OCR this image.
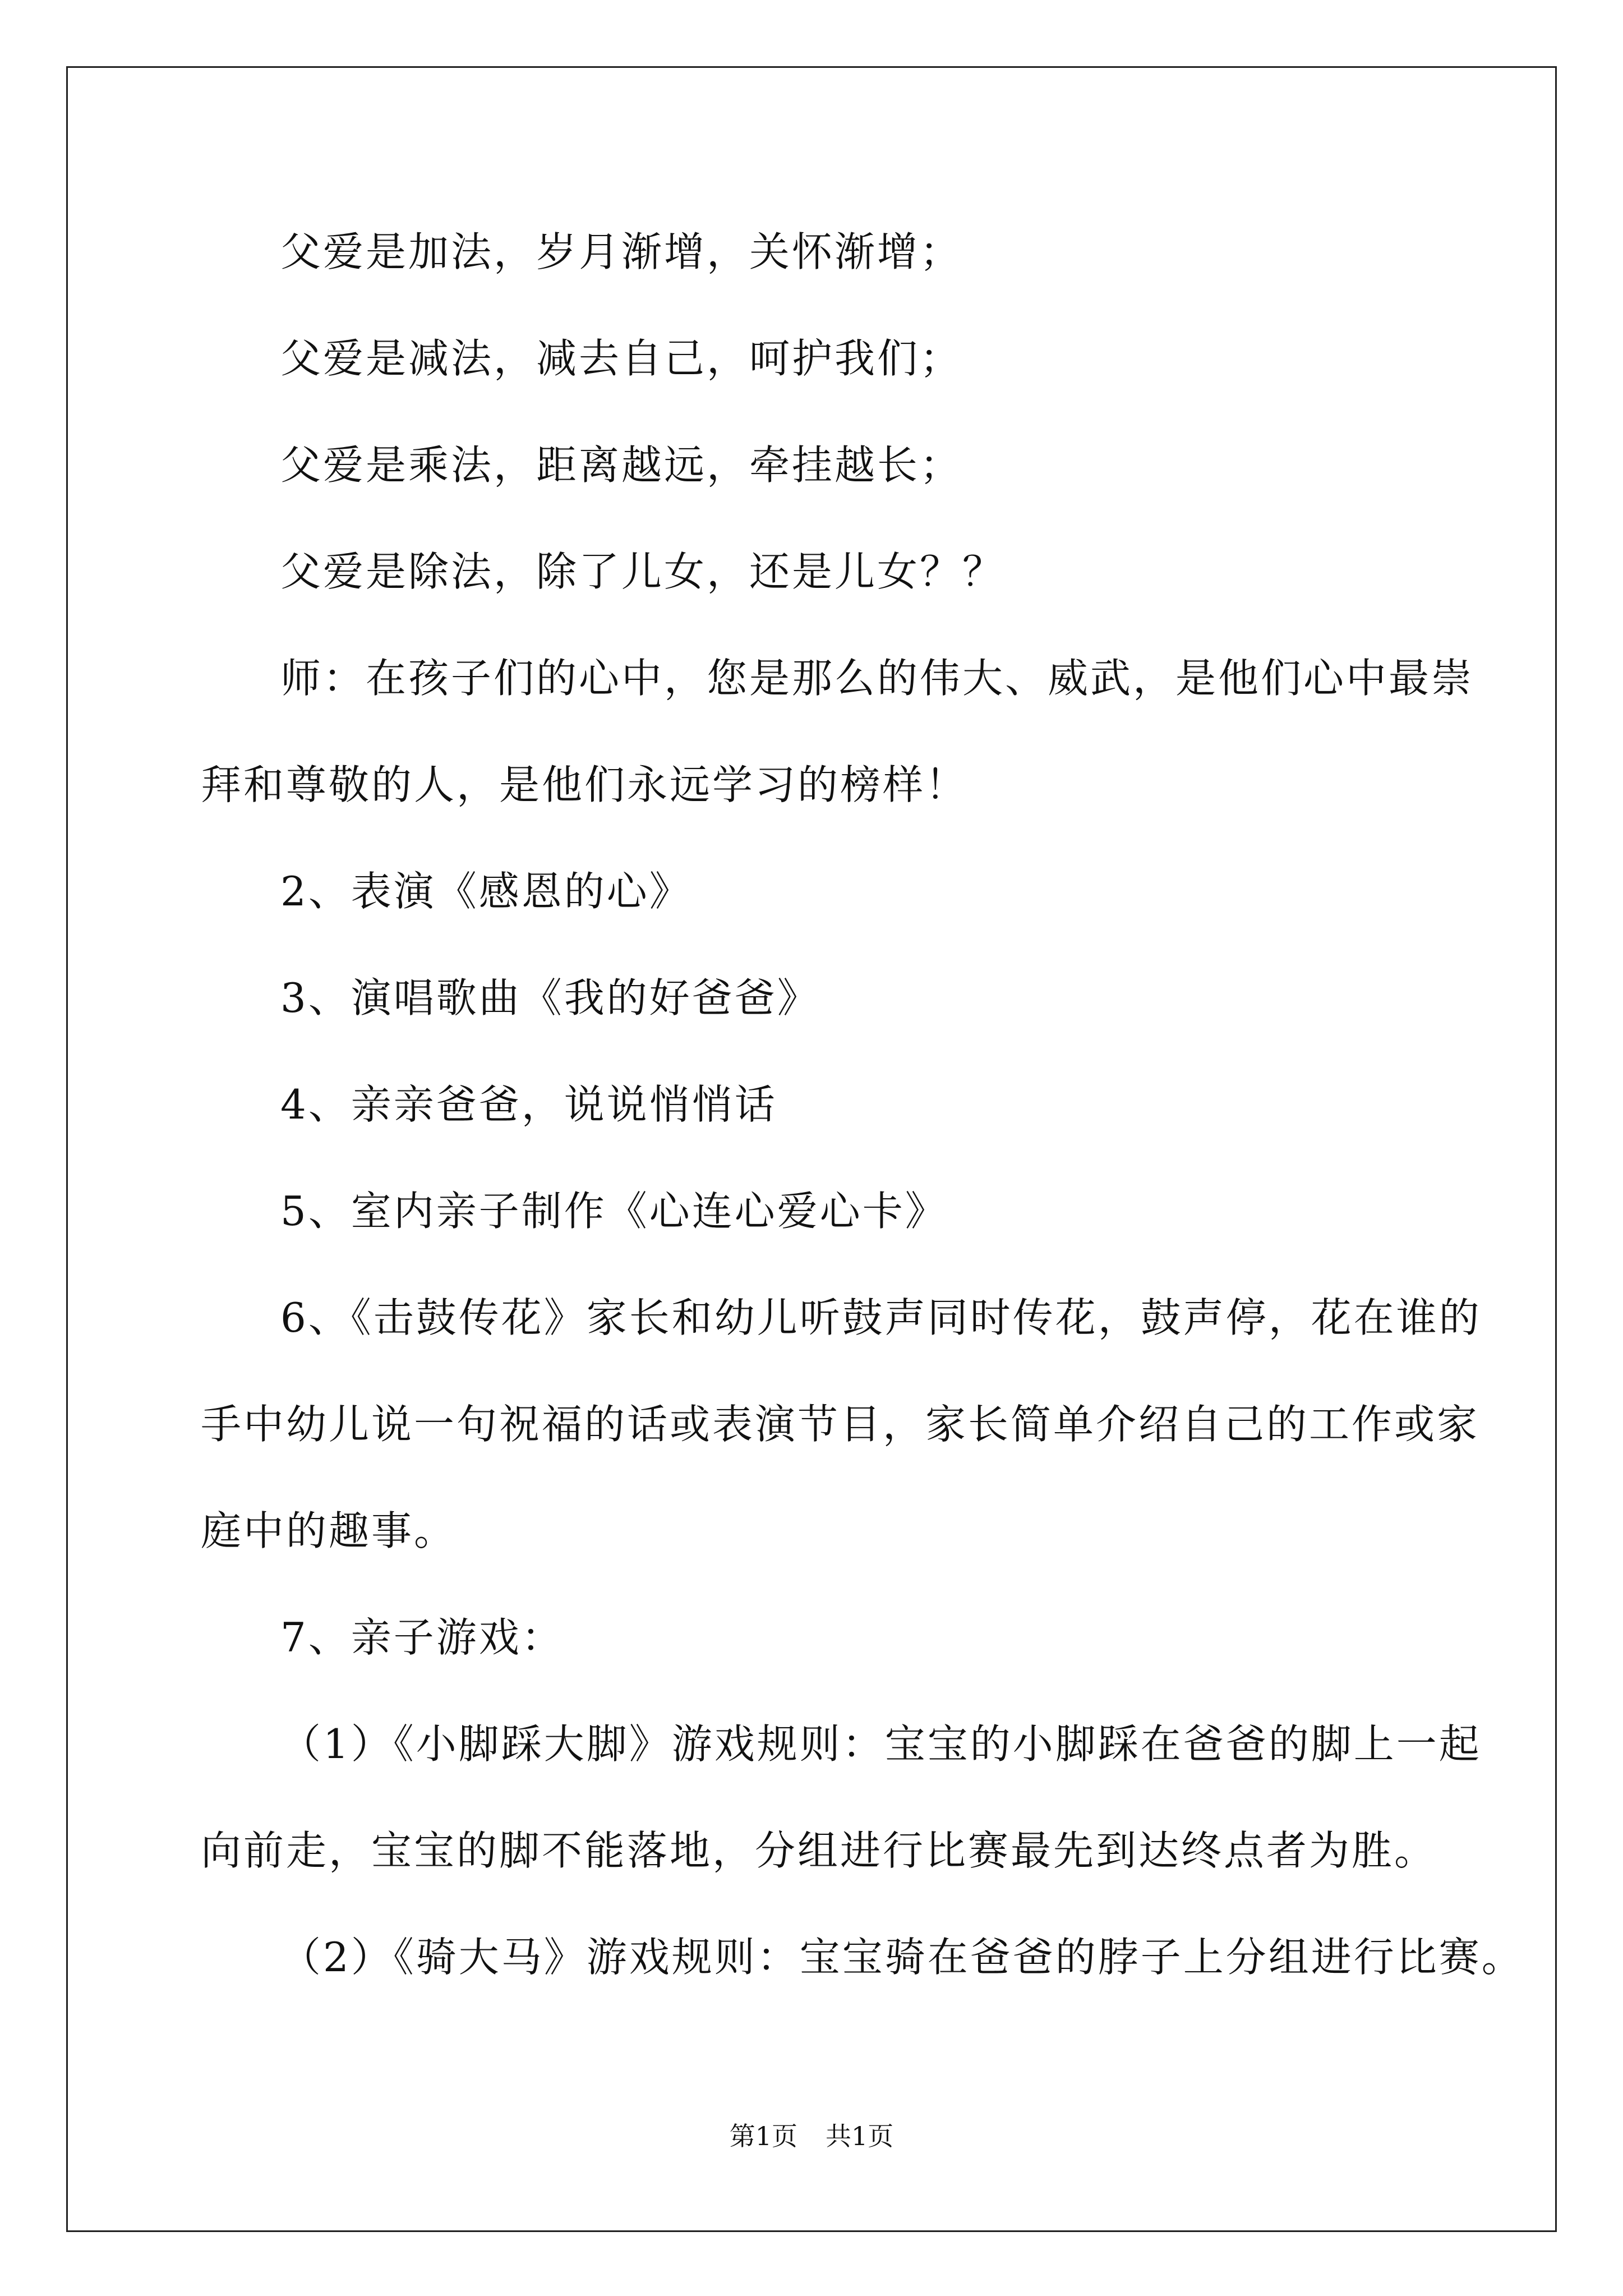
父爱是加法，岁月渐增，关怀渐增；
父爱是减法，减去自己，呵护我们；
父爱是乘法，距离越远，牵挂越长；
父爱是除法，除了儿女，还是儿女？？
师：在孩子们的心中，您是那么的伟大、威武，是他们心中最崇
拜和尊敬的人，是他们永远学习的榜样！
2、表演《感恩的心》
3、演唱歌曲《我的好爸爸》
4、亲亲爸爸，说说悄悄话
5、室内亲子制作《心连心爱心卡》
6、《击鼓传花》家长和幼儿听鼓声同时传花，鼓声停，花在谁的
手中幼儿说一句祝福的话或表演节目，家长简单介绍自己的工作或家
庭中的趣事。
7、亲子游戏：
（1）《小脚踩大脚》游戏规则：宝宝的小脚踩在爸爸的脚上一起
向前走，宝宝的脚不能落地，分组进行比赛最先到达终点者为胜。
（2）《骑大马》游戏规则：宝宝骑在爸爸的脖子上分组进行比赛。
第1页 共1页
